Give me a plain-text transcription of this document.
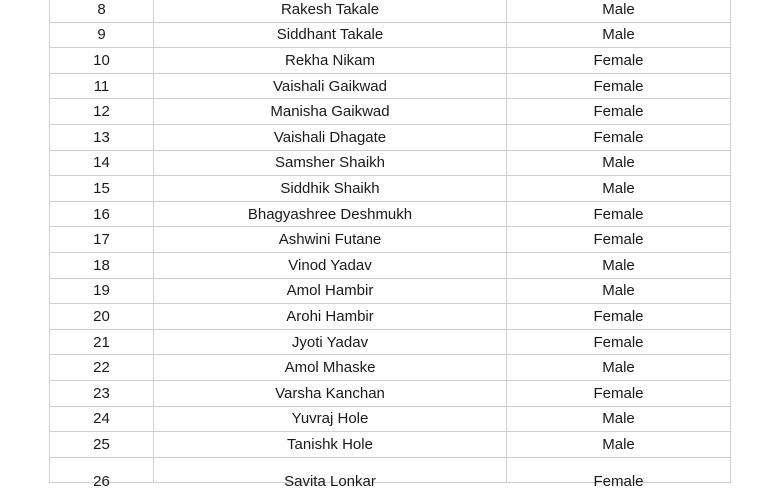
8	Rakesh Takale	Male
9	Siddhant Takale	Male
10	Rekha Nikam	Female
11	Vaishali Gaikwad	Female
12	Manisha Gaikwad	Female
13	Vaishali Dhagate	Female
14	Samsher Shaikh	Male
15	Siddhik Shaikh	Male
16	Bhagyashree Deshmukh	Female
17	Ashwini Futane	Female
18	Vinod Yadav	Male
19	Amol Hambir	Male
20	Arohi Hambir	Female
21	Jyoti Yadav	Female
22	Amol Mhaske	Male
23	Varsha Kanchan	Female
24	Yuvraj Hole	Male
25	Tanishk Hole	Male
26	Savita Lonkar	Female
